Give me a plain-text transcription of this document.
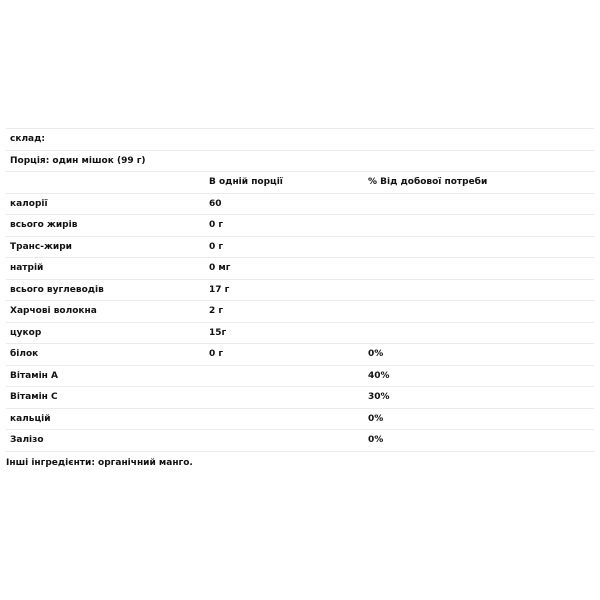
склад:		
Порція: один мішок (99 г)		
	В одній порції	% Від добової потреби
калорії	60	
всього жирів	0 г	
Транс-жири	0 г	
натрій	0 мг	
всього вуглеводів	17 г	
Харчові волокна	2 г	
цукор	15г	
білок	0 г	0%
Вітамін А		40%
Вітамін С		30%
кальцій		0%
Залізо		0%
Інші інгредієнти: органічний манго.
